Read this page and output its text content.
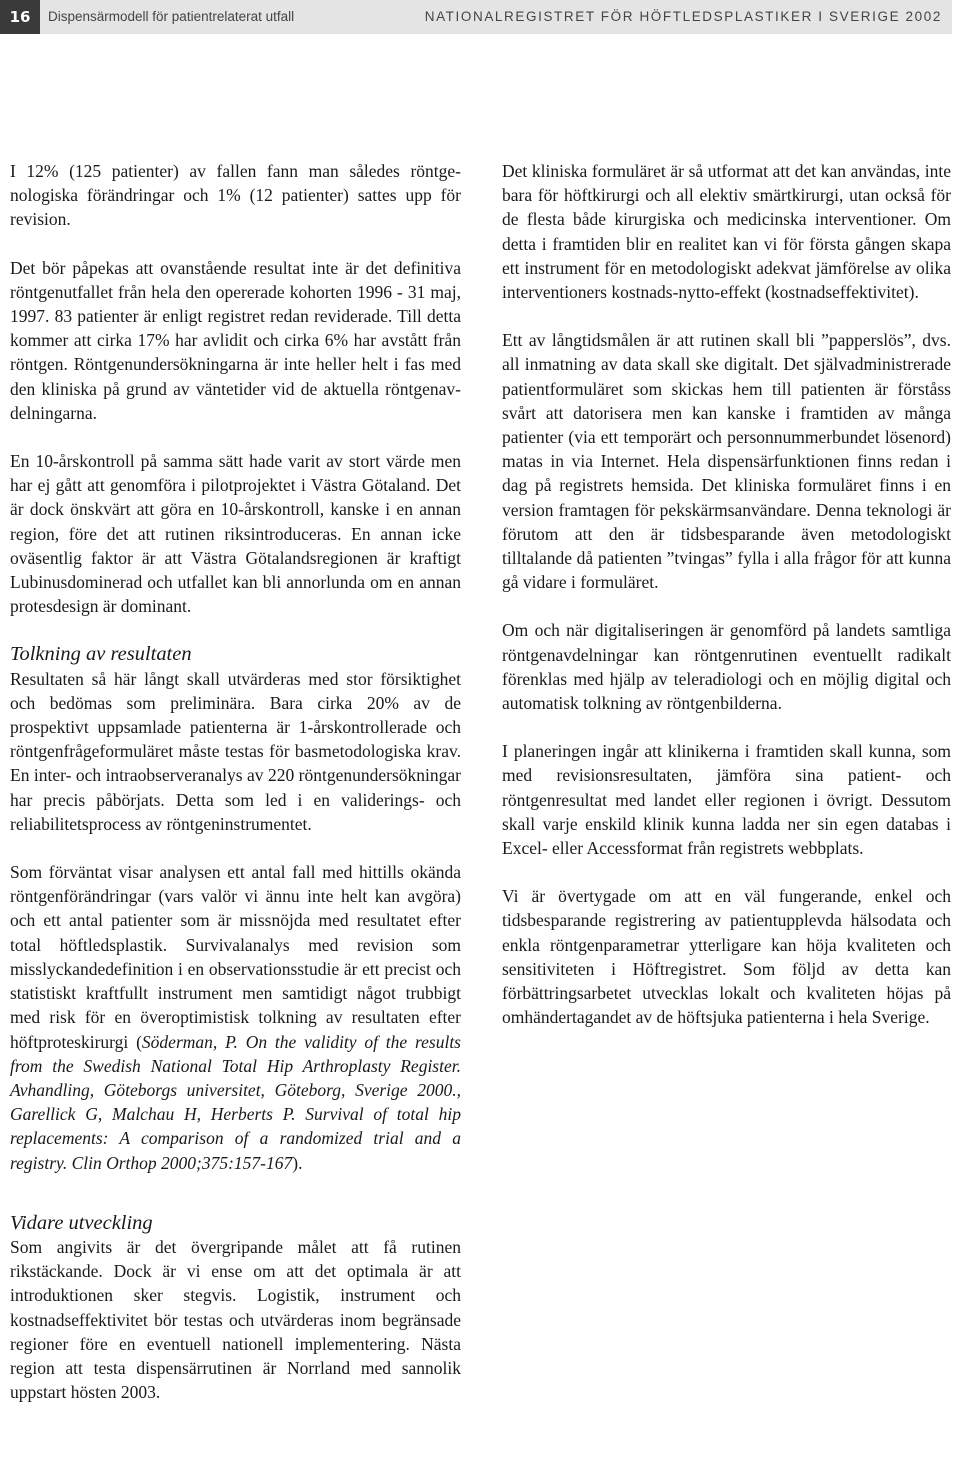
16	Dispensärmodell för patientrelaterat utfall	NATIONALREGISTRET FÖR HÖFTLEDSPLASTIKER I SVERIGE 2002

I 12% (125 patienter) av fallen fann man således röntgenologiska förändringar och 1% (12 patienter) sattes upp för revision.

Det bör påpekas att ovanstående resultat inte är det definitiva röntgenutfallet från hela den opererade kohorten 1996 - 31 maj, 1997. 83 patienter är enligt registret redan reviderade. Till detta kommer att cirka 17% har avlidit och cirka 6% har avstått från röntgen. Röntgenundersökningarna är inte heller helt i fas med den kliniska på grund av väntetider vid de aktuella röntgenavdelningarna.

En 10-årskontroll på samma sätt hade varit av stort värde men har ej gått att genomföra i pilotprojektet i Västra Götaland. Det är dock önskvärt att göra en 10-årskontroll, kanske i en annan region, före det att rutinen riksintroduceras. En annan icke oväsentlig faktor är att Västra Götalandsregionen är kraftigt Lubinusdominerad och utfallet kan bli annorlunda om en annan protesdesign är dominant.

Tolkning av resultaten

Resultaten så här långt skall utvärderas med stor försiktighet och bedömas som preliminära. Bara cirka 20% av de prospektivt uppsamlade patienterna är 1-årskontrollerade och röntgenfrågeformuläret måste testas för basmetodologiska krav. En inter- och intraobserveranalys av 220 röntgenundersökningar har precis påbörjats. Detta som led i en validerings- och reliabilitetsprocess av röntgeninstrumentet.

Som förväntat visar analysen ett antal fall med hittills okända röntgenförändringar (vars valör vi ännu inte helt kan avgöra) och ett antal patienter som är missnöjda med resultatet efter total höftledsplastik. Survivalanalys med revision som misslyckandedefinition i en observationsstudie är ett precist och statistiskt kraftfullt instrument men samtidigt något trubbigt med risk för en överoptimistisk tolkning av resultaten efter höftproteskirurgi (Söderman, P. On the validity of the results from the Swedish National Total Hip Arthroplasty Register. Avhandling, Göteborgs universitet, Göteborg, Sverige 2000., Garellick G, Malchau H, Herberts P. Survival of total hip replacements: A comparison of a randomized trial and a registry. Clin Orthop 2000;375:157-167).

Vidare utveckling

Som angivits är det övergripande målet att få rutinen rikstäckande. Dock är vi ense om att det optimala är att introduktionen sker stegvis. Logistik, instrument och kostnadseffektivitet bör testas och utvärderas inom begränsade regioner före en eventuell nationell implementering. Nästa region att testa dispensärrutinen är Norrland med sannolik uppstart hösten 2003.

Det kliniska formuläret är så utformat att det kan användas, inte bara för höftkirurgi och all elektiv smärtkirurgi, utan också för de flesta både kirurgiska och medicinska interventioner. Om detta i framtiden blir en realitet kan vi för första gången skapa ett instrument för en metodologiskt adekvat jämförelse av olika interventioners kostnads-nytto-effekt (kostnadseffektivitet).

Ett av långtidsmålen är att rutinen skall bli ”papperslös”, dvs. all inmatning av data skall ske digitalt. Det självadministrerade patientformuläret som skickas hem till patienten är förståss svårt att datorisera men kan kanske i framtiden av många patienter (via ett temporärt och personnummerbundet lösenord) matas in via Internet. Hela dispensärfunktionen finns redan i dag på registrets hemsida. Det kliniska formuläret finns i en version framtagen för pekskärmsanvändare. Denna teknologi är förutom att den är tidsbesparande även metodologiskt tilltalande då patienten ”tvingas” fylla i alla frågor för att kunna gå vidare i formuläret.

Om och när digitaliseringen är genomförd på landets samtliga röntgenavdelningar kan röntgenrutinen eventuellt radikalt förenklas med hjälp av teleradiologi och en möjlig digital och automatisk tolkning av röntgenbilderna.

I planeringen ingår att klinikerna i framtiden skall kunna, som med revisionsresultaten, jämföra sina patient- och röntgenresultat med landet eller regionen i övrigt. Dessutom skall varje enskild klinik kunna ladda ner sin egen databas i Excel- eller Accessformat från registrets webbplats.

Vi är övertygade om att en väl fungerande, enkel och tidsbesparande registrering av patientupplevda hälsodata och enkla röntgenparametrar ytterligare kan höja kvaliteten och sensitiviteten i Höftregistret. Som följd av detta kan förbättringsarbetet utvecklas lokalt och kvaliteten höjas på omhändertagandet av de höftsjuka patienterna i hela Sverige.
